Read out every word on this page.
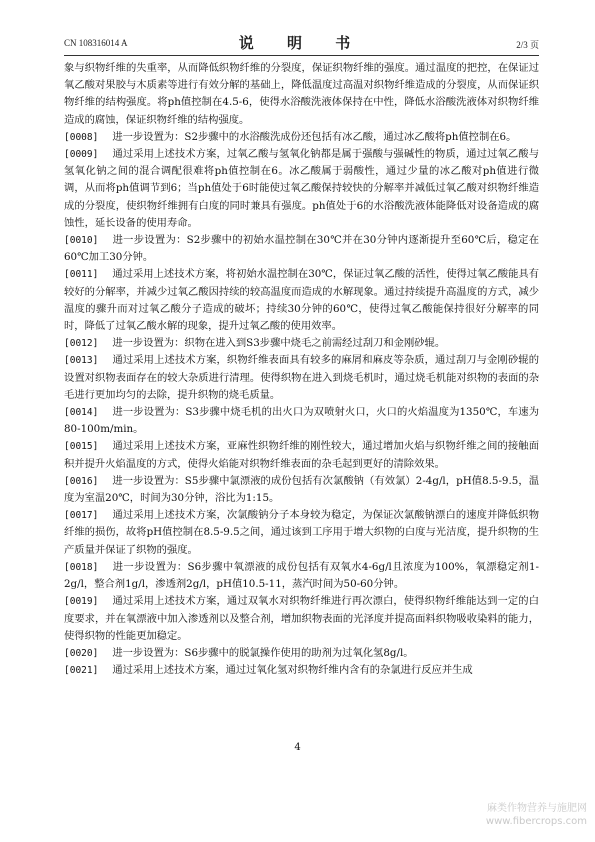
CN 108316014 A	说 明 书	2/3 页

象与织物纤维的失重率，从而降低织物纤维的分裂度，保证织物纤维的强度。通过温度的把控，在保证过氧乙酸对果胶与木质素等进行有效分解的基础上，降低温度过高温对织物纤维造成的分裂度，从而保证织物纤维的结构强度。将ph值控制在4.5-6，使得水浴酸洗液体保持在中性，降低水浴酸洗液体对织物纤维造成的腐蚀，保证织物纤维的结构强度。

[0008] 进一步设置为：S2步骤中的水浴酸洗成份还包括有冰乙酸，通过冰乙酸将ph值控制在6。

[0009] 通过采用上述技术方案，过氧乙酸与氢氧化钠都是属于强酸与强碱性的物质，通过过氧乙酸与氢氧化钠之间的混合调配很难将ph值控制在6。冰乙酸属于弱酸性，通过少量的冰乙酸对ph值进行微调，从而将ph值调节到6；当ph值处于6时能使过氧乙酸保持较快的分解率并减低过氧乙酸对织物纤维造成的分裂度，使织物纤维拥有白度的同时兼具有强度。ph值处于6的水浴酸洗液体能降低对设备造成的腐蚀性，延长设备的使用寿命。

[0010] 进一步设置为：S2步骤中的初始水温控制在30℃并在30分钟内逐渐提升至60℃后，稳定在60℃加工30分钟。

[0011] 通过采用上述技术方案，将初始水温控制在30℃，保证过氧乙酸的活性，使得过氧乙酸能具有较好的分解率，并减少过氧乙酸因持续的较高温度而造成的水解现象。通过持续提升高温度的方式，减少温度的骤升而对过氧乙酸分子造成的破坏；持续30分钟的60℃，使得过氧乙酸能保持很好分解率的同时，降低了过氧乙酸水解的现象，提升过氧乙酸的使用效率。

[0012] 进一步设置为：织物在进入到S3步骤中烧毛之前需经过刮刀和金刚砂辊。

[0013] 通过采用上述技术方案，织物纤维表面具有较多的麻屑和麻皮等杂质，通过刮刀与金刚砂辊的设置对织物表面存在的较大杂质进行清理。使得织物在进入到烧毛机时，通过烧毛机能对织物的表面的杂毛进行更加均匀的去除，提升织物的烧毛质量。

[0014] 进一步设置为：S3步骤中烧毛机的出火口为双喷射火口，火口的火焰温度为1350℃，车速为80-100m/min。

[0015] 通过采用上述技术方案，亚麻性织物纤维的刚性较大，通过增加火焰与织物纤维之间的接触面积并提升火焰温度的方式，使得火焰能对织物纤维表面的杂毛起到更好的清除效果。

[0016] 进一步设置为：S5步骤中氯漂液的成份包括有次氯酸钠（有效氯）2-4g/l，pH值8.5-9.5，温度为室温20℃，时间为30分钟，浴比为1:15。

[0017] 通过采用上述技术方案，次氯酸钠分子本身较为稳定，为保证次氯酸钠漂白的速度并降低织物纤维的损伤，故将pH值控制在8.5-9.5之间，通过该到工序用于增大织物的白度与光洁度，提升织物的生产质量并保证了织物的强度。

[0018] 进一步设置为：S6步骤中氧漂液的成份包括有双氧水4-6g/l且浓度为100%，氧漂稳定剂1-2g/l，整合剂1g/l，渗透剂2g/l，pH值10.5-11，蒸汽时间为50-60分钟。

[0019] 通过采用上述技术方案，通过双氧水对织物纤维进行再次漂白，使得织物纤维能达到一定的白度要求，并在氧漂液中加入渗透剂以及整合剂，增加织物表面的光泽度并提高面料织物吸收染料的能力，使得织物的性能更加稳定。

[0020] 进一步设置为：S6步骤中的脱氯操作使用的助剂为过氧化氢8g/l。

[0021] 通过采用上述技术方案，通过过氧化氢对织物纤维内含有的杂氯进行反应并生成

4
麻类作物营养与施肥网
www.fibercrops.com
